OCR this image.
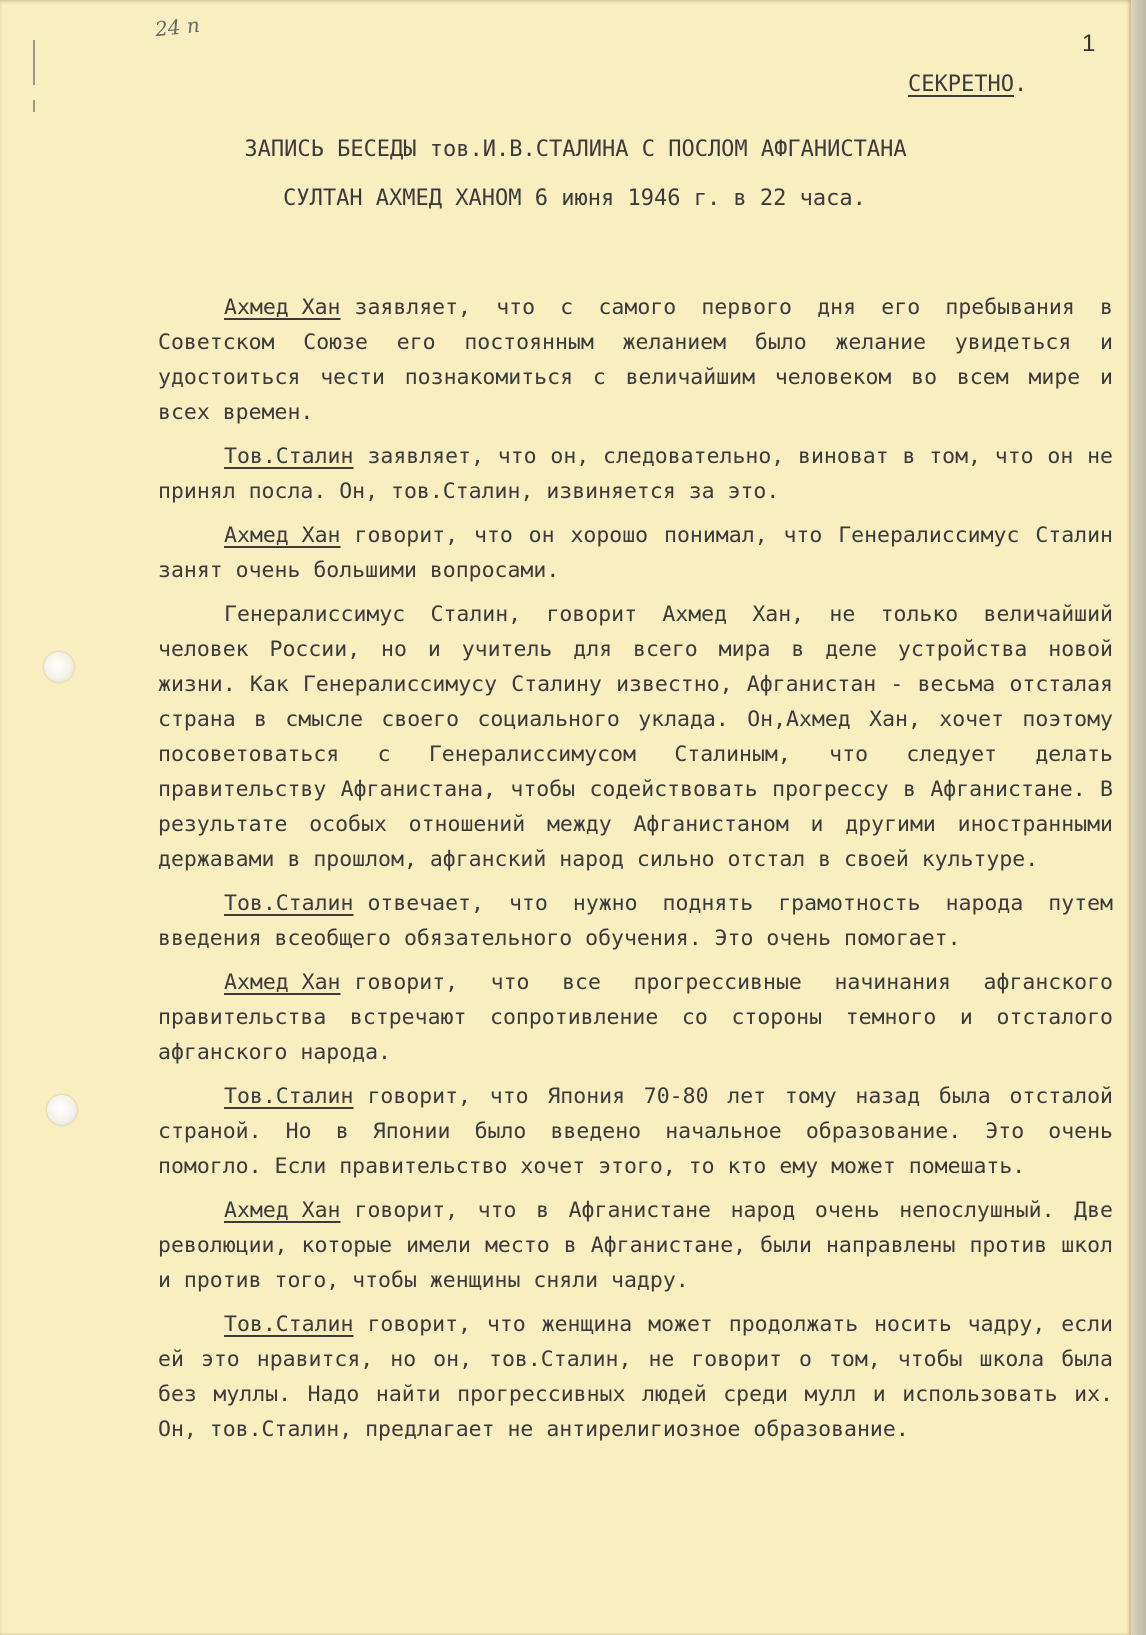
24 п
1
СЕКРЕТНО.
ЗАПИСЬ БЕСЕДЫ тов.И.В.СТАЛИНА С ПОСЛОМ АФГАНИСТАНА
СУЛТАН АХМЕД ХАНОМ 6 июня 1946 г. в 22 часа.

Ахмед Хан заявляет, что с самого первого дня его пребывания в Советском Союзе его постоянным желанием было желание увидеться и удостоиться чести познакомиться с величайшим человеком во всем мире и всех времен.

Тов.Сталин заявляет, что он, следовательно, виноват в том, что он не принял посла. Он, тов.Сталин, извиняется за это.

Ахмед Хан говорит, что он хорошо понимал, что Генералиссимус Сталин занят очень большими вопросами.

Генералиссимус Сталин, говорит Ахмед Хан, не только величайший человек России, но и учитель для всего мира в деле устройства новой жизни. Как Генералиссимусу Сталину известно, Афганистан - весьма отсталая страна в смысле своего социального уклада. Он,Ахмед Хан, хочет поэтому посоветоваться с Генералиссимусом Сталиным, что следует делать правительству Афганистана, чтобы содействовать прогрессу в Афганистане. В результате особых отношений между Афганистаном и другими иностранными державами в прошлом, афганский народ сильно отстал в своей культуре.

Тов.Сталин отвечает, что нужно поднять грамотность народа путем введения всеобщего обязательного обучения. Это очень помогает.

Ахмед Хан говорит, что все прогрессивные начинания афганского правительства встречают сопротивление со стороны темного и отсталого афганского народа.

Тов.Сталин говорит, что Япония 70-80 лет тому назад была отсталой страной. Но в Японии было введено начальное образование. Это очень помогло. Если правительство хочет этого, то кто ему может помешать.

Ахмед Хан говорит, что в Афганистане народ очень непослушный. Две революции, которые имели место в Афганистане, были направлены против школ и против того, чтобы женщины сняли чадру.

Тов.Сталин говорит, что женщина может продолжать носить чадру, если ей это нравится, но он, тов.Сталин, не говорит о том, чтобы школа была без муллы. Надо найти прогрессивных людей среди мулл и использовать их. Он, тов.Сталин, предлагает не антирелигиозное образование.
